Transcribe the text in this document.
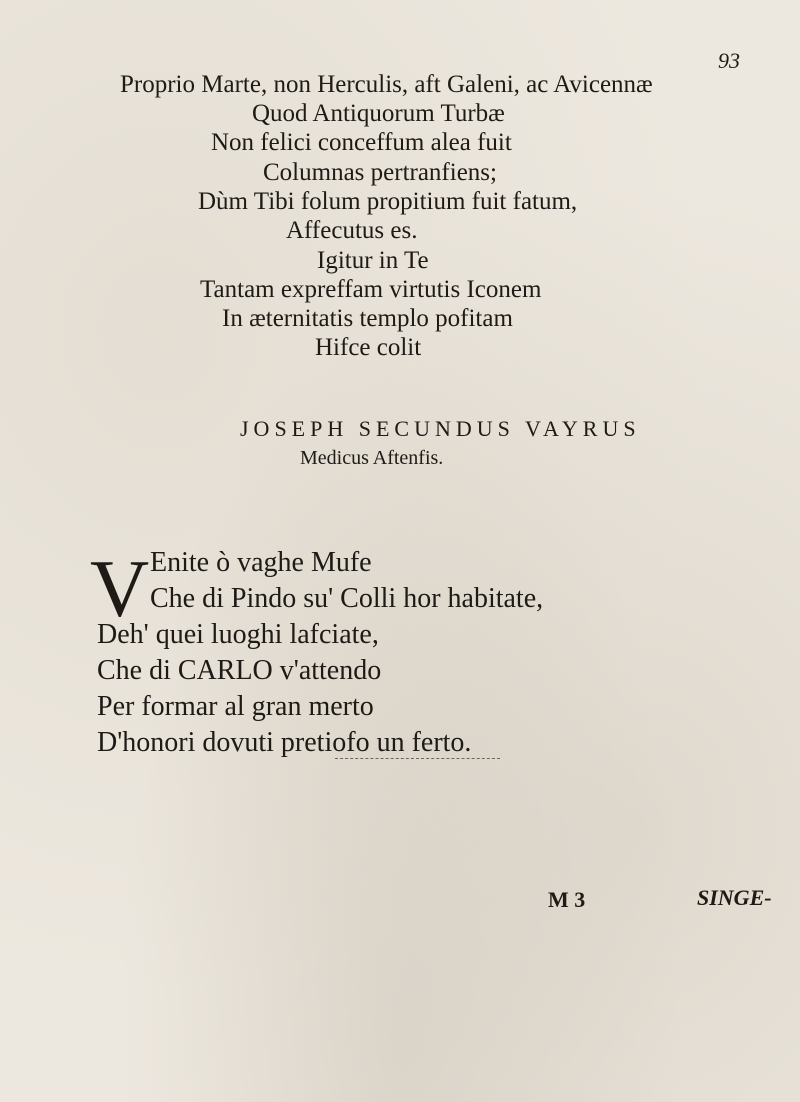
93
Proprio Marte, non Herculis, aft Galeni, ac Avicennæ
Quod Antiquorum Turbæ
Non felici conceffum alea fuit
Columnas pertranfiens;
Dùm Tibi folum propitium fuit fatum,
Affecutus es.
Igitur in Te
Tantam expreffam virtutis Iconem
In æternitatis templo pofitam
Hifce colit
JOSEPH SECUNDUS VAYRUS
Medicus Aftenfis.
V Enite ò vaghe Mufe
Che di Pindo su' Colli hor habitate,
Deh' quei luoghi lafciate,
Che di CARLO v'attendo
Per formar al gran merto
D'honori dovuti pretiofo un ferto.
M 3	SINGE-
